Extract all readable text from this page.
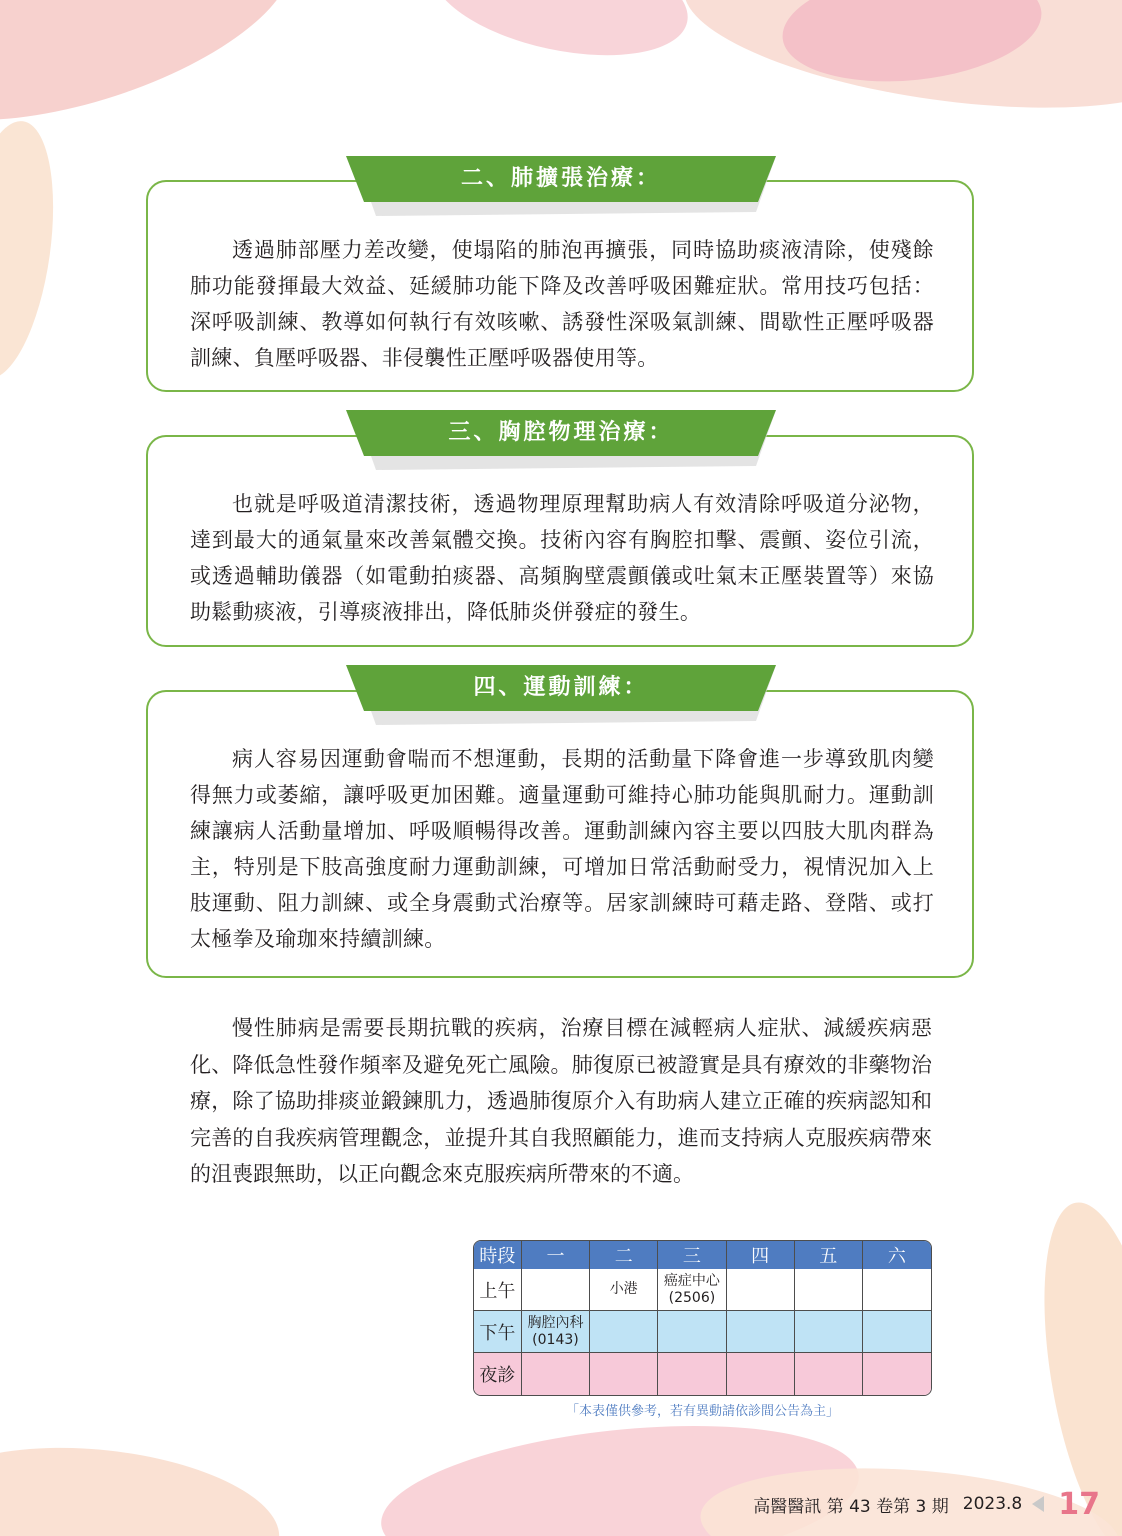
二、肺擴張治療：
透過肺部壓力差改變，使塌陷的肺泡再擴張，同時協助痰液清除，使殘餘肺功能發揮最大效益、延緩肺功能下降及改善呼吸困難症狀。常用技巧包括：深呼吸訓練、教導如何執行有效咳嗽、誘發性深吸氣訓練、間歇性正壓呼吸器訓練、負壓呼吸器、非侵襲性正壓呼吸器使用等。
三、胸腔物理治療：
也就是呼吸道清潔技術，透過物理原理幫助病人有效清除呼吸道分泌物，達到最大的通氣量來改善氣體交換。技術內容有胸腔扣擊、震顫、姿位引流，或透過輔助儀器（如電動拍痰器、高頻胸壁震顫儀或吐氣末正壓裝置等）來協助鬆動痰液，引導痰液排出，降低肺炎併發症的發生。
四、運動訓練：
病人容易因運動會喘而不想運動，長期的活動量下降會進一步導致肌肉變得無力或萎縮，讓呼吸更加困難。適量運動可維持心肺功能與肌耐力。運動訓練讓病人活動量增加、呼吸順暢得改善。運動訓練內容主要以四肢大肌肉群為主，特別是下肢高強度耐力運動訓練，可增加日常活動耐受力，視情況加入上肢運動、阻力訓練、或全身震動式治療等。居家訓練時可藉走路、登階、或打太極拳及瑜珈來持續訓練。
慢性肺病是需要長期抗戰的疾病，治療目標在減輕病人症狀、減緩疾病惡化、降低急性發作頻率及避免死亡風險。肺復原已被證實是具有療效的非藥物治療，除了協助排痰並鍛鍊肌力，透過肺復原介入有助病人建立正確的疾病認知和完善的自我疾病管理觀念，並提升其自我照顧能力，進而支持病人克服疾病帶來的沮喪跟無助，以正向觀念來克服疾病所帶來的不適。
時段	一	二	三	四	五	六
上午		小港	癌症中心
(2506)			

下午	胸腔內科
(0143)					

夜診	

「本表僅供參考，若有異動請依診間公告為主」
高醫醫訊 第 43 卷第 3 期 2023.8 17
